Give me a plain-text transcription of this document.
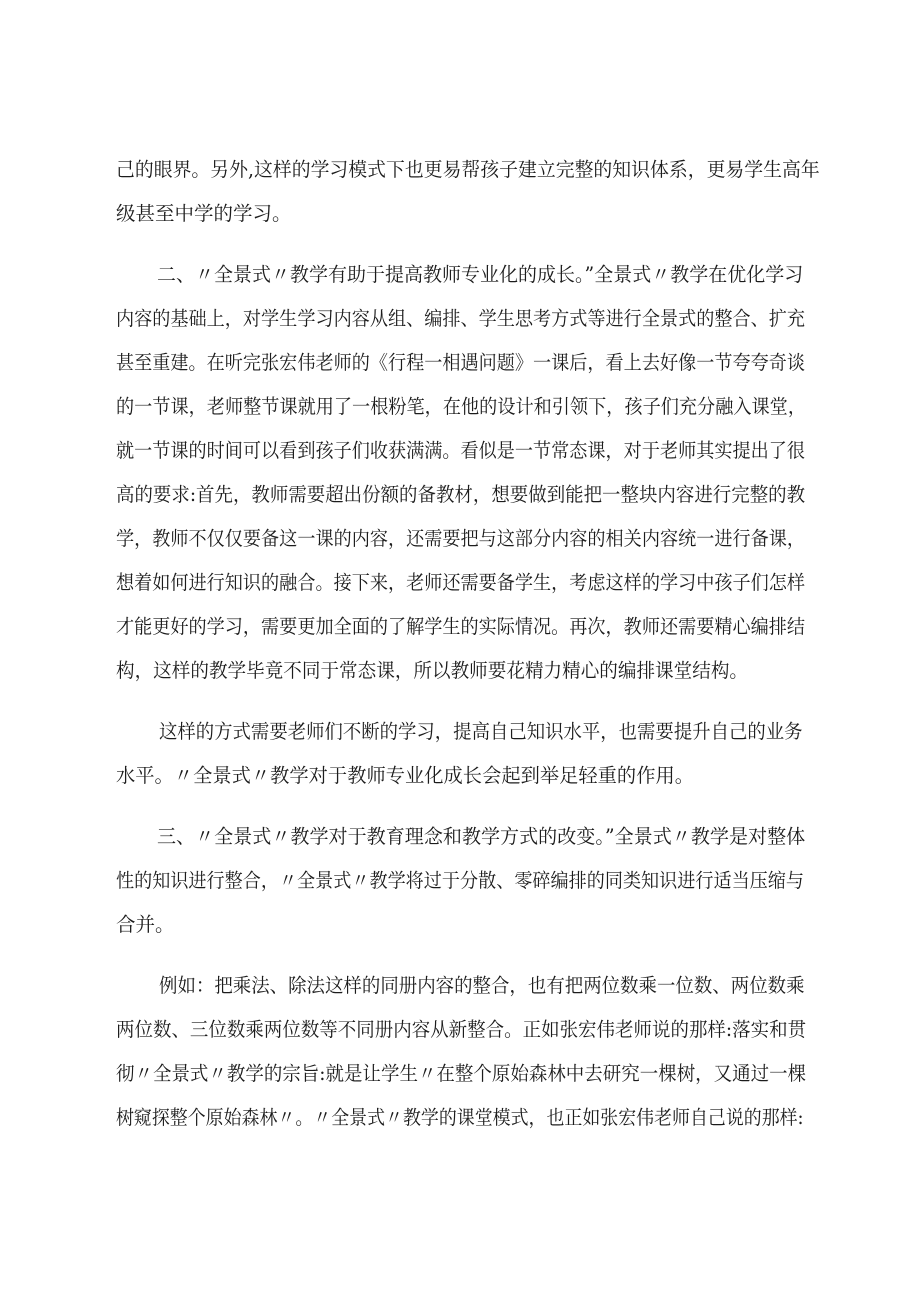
己的眼界。另外,这样的学习模式下也更易帮孩子建立完整的知识体系，更易学生高年
级甚至中学的学习。
二、〃全景式〃教学有助于提高教师专业化的成长。”全景式〃教学在优化学习
内容的基础上，对学生学习内容从组、编排、学生思考方式等进行全景式的整合、扩充
甚至重建。在听完张宏伟老师的《行程一相遇问题》一课后，看上去好像一节夸夸奇谈
的一节课，老师整节课就用了一根粉笔，在他的设计和引领下，孩子们充分融入课堂，
就一节课的时间可以看到孩子们收获满满。看似是一节常态课，对于老师其实提出了很
高的要求:首先，教师需要超出份额的备教材，想要做到能把一整块内容进行完整的教
学，教师不仅仅要备这一课的内容，还需要把与这部分内容的相关内容统一进行备课，
想着如何进行知识的融合。接下来，老师还需要备学生，考虑这样的学习中孩子们怎样
才能更好的学习，需要更加全面的了解学生的实际情况。再次，教师还需要精心编排结
构，这样的教学毕竟不同于常态课，所以教师要花精力精心的编排课堂结构。
这样的方式需要老师们不断的学习，提高自己知识水平，也需要提升自己的业务
水平。〃全景式〃教学对于教师专业化成长会起到举足轻重的作用。
三、〃全景式〃教学对于教育理念和教学方式的改变。”全景式〃教学是对整体
性的知识进行整合，〃全景式〃教学将过于分散、零碎编排的同类知识进行适当压缩与
合并。
例如：把乘法、除法这样的同册内容的整合，也有把两位数乘一位数、两位数乘
两位数、三位数乘两位数等不同册内容从新整合。正如张宏伟老师说的那样:落实和贯
彻〃全景式〃教学的宗旨:就是让学生〃在整个原始森林中去研究一棵树，又通过一棵
树窥探整个原始森林〃。〃全景式〃教学的课堂模式，也正如张宏伟老师自己说的那样:
